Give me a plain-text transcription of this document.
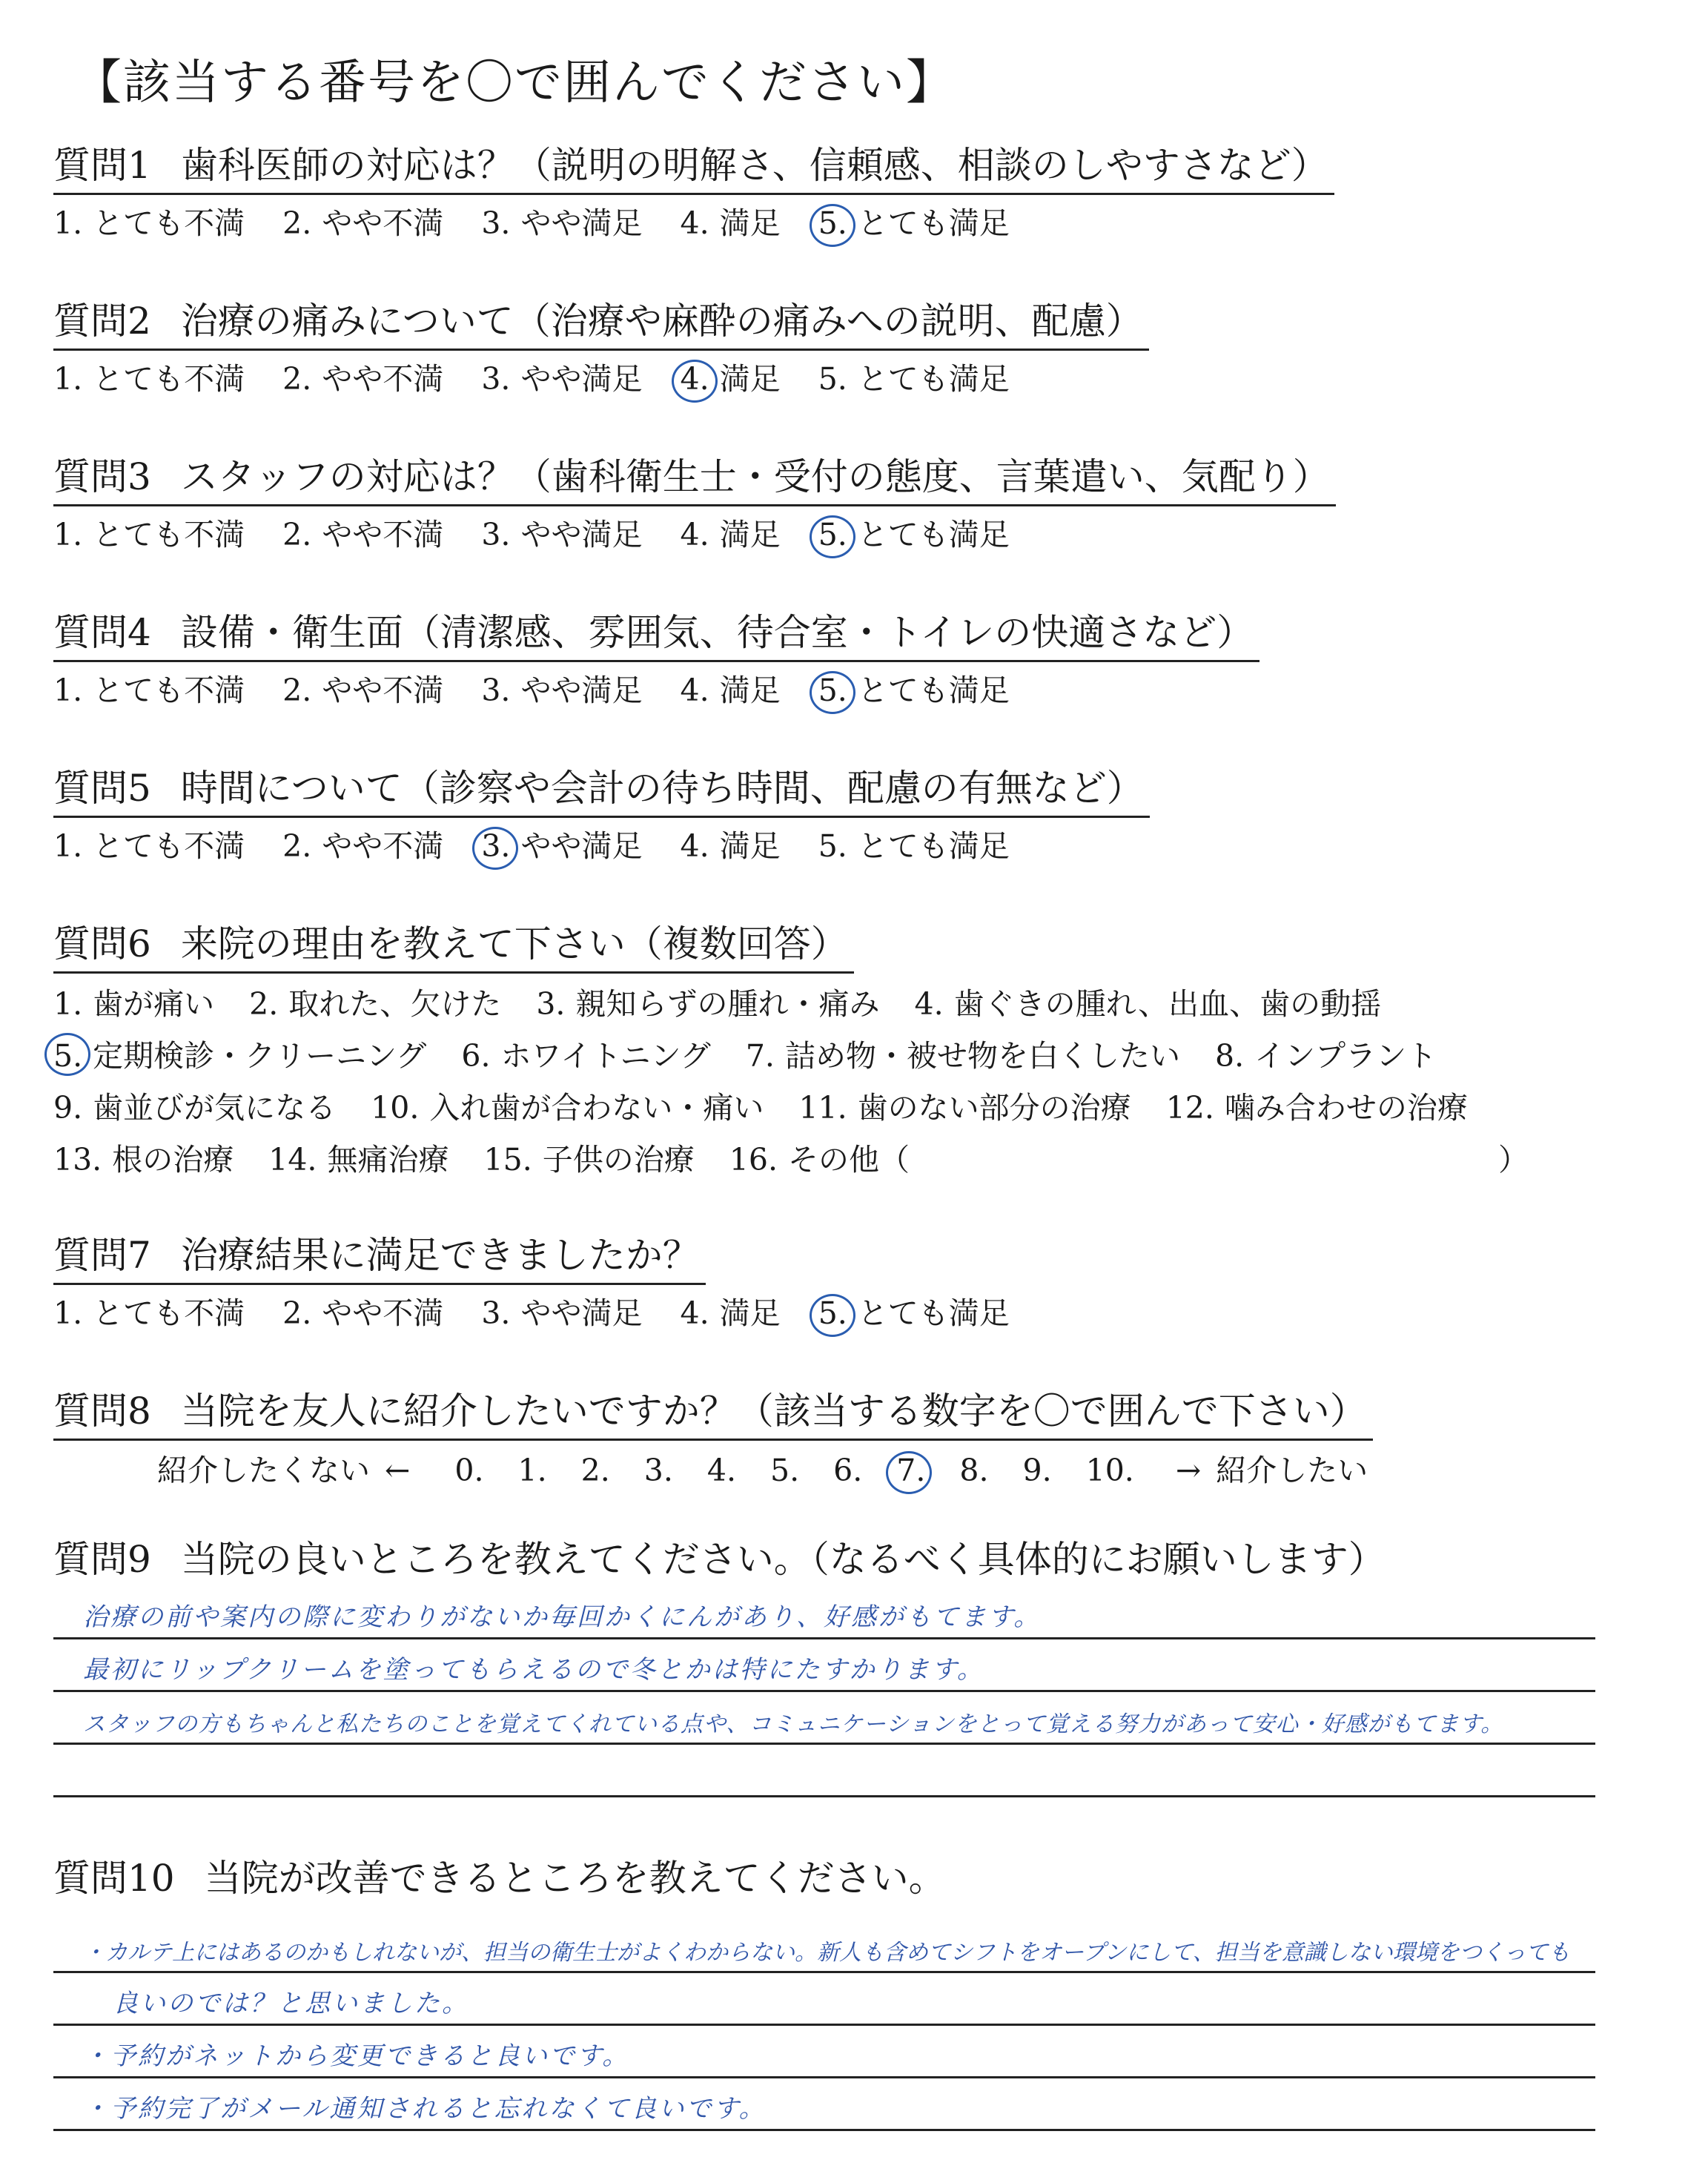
【該当する番号を〇で囲んでください】
質問1 歯科医師の対応は？（説明の明解さ、信頼感、相談のしやすさなど）
1. とても不満 2. やや不満 3. やや満足 4. 満足 5. とても満足
質問2 治療の痛みについて（治療や麻酔の痛みへの説明、配慮）
1. とても不満 2. やや不満 3. やや満足 4. 満足 5. とても満足
質問3 スタッフの対応は？（歯科衛生士・受付の態度、言葉遣い、気配り）
1. とても不満 2. やや不満 3. やや満足 4. 満足 5. とても満足
質問4 設備・衛生面（清潔感、雰囲気、待合室・トイレの快適さなど）
1. とても不満 2. やや不満 3. やや満足 4. 満足 5. とても満足
質問5 時間について（診察や会計の待ち時間、配慮の有無など）
1. とても不満 2. やや不満 3. やや満足 4. 満足 5. とても満足
質問6 来院の理由を教えて下さい（複数回答）
1. 歯が痛い 2. 取れた、欠けた 3. 親知らずの腫れ・痛み 4. 歯ぐきの腫れ、出血、歯の動揺
5. 定期検診・クリーニング 6. ホワイトニング 7. 詰め物・被せ物を白くしたい 8. インプラント
9. 歯並びが気になる 10. 入れ歯が合わない・痛い 11. 歯のない部分の治療 12. 噛み合わせの治療
13. 根の治療 14. 無痛治療 15. 子供の治療 16. その他（	）
質問7 治療結果に満足できましたか？
1. とても不満 2. やや不満 3. やや満足 4. 満足 5. とても満足
質問8 当院を友人に紹介したいですか？（該当する数字を〇で囲んで下さい）
紹介したくない ← 0. 1. 2. 3. 4. 5. 6. 7. 8. 9. 10. → 紹介したい
質問9 当院の良いところを教えてください。（なるべく具体的にお願いします）
治療の前や案内の際に変わりがないか毎回かくにんがあり、好感がもてます。
最初にリップクリームを塗ってもらえるので冬とかは特にたすかります。
スタッフの方もちゃんと私たちのことを覚えてくれている点や、コミュニケーションをとって覚える努力があって安心・好感がもてます。
質問10 当院が改善できるところを教えてください。
・カルテ上にはあるのかもしれないが、担当の衛生士がよくわからない。新人も含めてシフトをオープンにして、担当を意識しない環境をつくっても
良いのでは？と思いました。
・予約がネットから変更できると良いです。
・予約完了がメール通知されると忘れなくて良いです。
